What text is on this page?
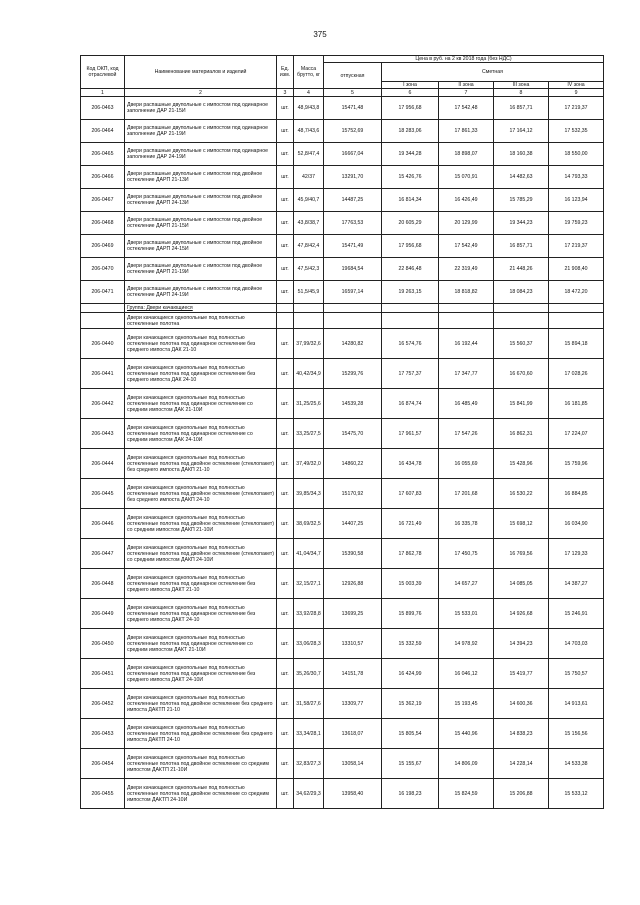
375
Код ОКП, код отраслевой	Наименование материалов и изделий	Ед. изм.	Масса брутто, кг	Цена в руб. на 2 кв 2018 года (без НДС)				
				отпускная	Сметная			
					I зона	II зона	III зона	IV зона
1	2	3	4	5	6	7	8	9
206-0463	Двери распашные двупольные с импостом под одинарное заполнение ДАР 21-15И	шт.	48,9/43,8	15471,48	17 956,68	17 542,48	16 857,71	17 219,37
206-0464	Двери распашные двупольные с импостом под одинарное заполнение ДАР 21-19И	шт.	48,7/43,6	15752,69	18 283,06	17 861,33	17 164,12	17 532,35
206-0465	Двери распашные двупольные с импостом под одинарное заполнение ДАР 24-19И	шт.	52,8/47,4	16667,04	19 344,28	18 898,07	18 160,38	18 550,00
206-0466	Двери распашные двупольные с импостом под двойное остекление ДАРП 21-13И	шт.	42/37	13291,70	15 426,76	15 070,91	14 482,63	14 793,33
206-0467	Двери распашные двупольные с импостом под двойное остекление ДАРП 24-13И	шт.	45,9/40,7	14487,25	16 814,34	16 426,49	15 785,29	16 123,94
206-0468	Двери распашные двупольные с импостом под двойное остекление ДАРП 21-15И	шт.	43,8/38,7	17763,53	20 605,29	20 129,99	19 344,23	19 759,23
206-0469	Двери распашные двупольные с импостом под двойное остекление ДАРП 24-15И	шт.	47,8/42,4	15471,49	17 956,68	17 542,49	16 857,71	17 219,37
206-0470	Двери распашные двупольные с импостом под двойное остекление ДАРП 21-19И	шт.	47,5/42,3	19684,54	22 846,48	22 319,49	21 448,26	21 908,40
206-0471	Двери распашные двупольные с импостом под двойное остекление ДАРП 24-19И	шт.	51,5/45,9	16597,14	19 263,15	18 818,82	18 084,23	18 472,20
	Группа: Двери качающиеся							
	Двери качающиеся однопольные под полностью остекленные полотна							
206-0440	Двери качающиеся однопольные под полностью остекленные полотна под одинарное остекление без среднего импоста ДАК 21-10	шт.	37,99/32,6	14280,82	16 574,76	16 192,44	15 560,37	15 894,18
206-0441	Двери качающиеся однопольные под полностью остекленные полотна под одинарное остекление без среднего импоста ДАК 24-10	шт.	40,42/34,9	15299,76	17 757,37	17 347,77	16 670,60	17 028,26
206-0442	Двери качающиеся однопольные под полностью остекленные полотна под одинарное остекление со средним импостом ДАК 21-10И	шт.	31,25/25,6	14539,28	16 874,74	16 485,49	15 841,99	16 181,85
206-0443	Двери качающиеся однопольные под полностью остекленные полотна под одинарное остекление со средним импостом ДАК 24-10И	шт.	33,25/27,5	15475,70	17 961,57	17 547,26	16 862,31	17 224,07
206-0444	Двери качающиеся однопольные под полностью остекленные полотна под двойное остекление (стеклопакет) без среднего импоста ДАКП 21-10	шт.	37,49/32,0	14860,22	16 434,78	16 055,69	15 428,96	15 759,96
206-0445	Двери качающиеся однопольные под полностью остекленные полотна под двойное остекление (стеклопакет) без среднего импоста ДАКП 24-10	шт.	39,85/34,3	15170,92	17 607,83	17 201,68	16 530,22	16 884,85
206-0446	Двери качающиеся однопольные под полностью остекленные полотна под двойное остекление (стеклопакет) со средним импостом ДАКП 21-10И	шт.	38,69/32,5	14407,25	16 721,49	16 335,78	15 698,12	16 034,90
206-0447	Двери качающиеся однопольные под полностью остекленные полотна под двойное остекление (стеклопакет) со средним импостом ДАКП 24-10И	шт.	41,04/34,7	15390,58	17 862,78	17 450,75	16 769,56	17 129,33
206-0448	Двери качающиеся однопольные под полностью остекленные полотна под одинарное остекление без среднего импоста ДАКТ 21-10	шт.	32,15/27,1	12926,88	15 003,39	14 657,27	14 085,05	14 387,27
206-0449	Двери качающиеся однопольные под полностью остекленные полотна под одинарное остекление без среднего импоста ДАКТ 24-10	шт.	33,92/28,8	13699,25	15 899,76	15 533,01	14 926,68	15 246,91
206-0450	Двери качающиеся однопольные под полностью остекленные полотна под одинарное остекление со средним импостом ДАКТ 21-10И	шт.	33,06/28,3	13310,57	15 332,59	14 978,92	14 394,23	14 703,03
206-0451	Двери качающиеся однопольные под полностью остекленные полотна под одинарное остекление без среднего импоста ДАКТ 24-10И	шт.	35,26/30,7	14151,78	16 424,99	16 046,12	15 419,77	15 750,57
206-0452	Двери качающиеся однопольные под полностью остекленные полотна под двойное остекление без среднего импоста ДАКТП 21-10	шт.	31,58/27,6	13309,77	15 362,19	15 193,45	14 600,36	14 913,61
206-0453	Двери качающиеся однопольные под полностью остекленные полотна под двойное остекление без среднего импоста ДАКТП 24-10	шт.	33,34/28,1	13618,07	15 805,54	15 440,96	14 838,23	15 156,56
206-0454	Двери качающиеся однопольные под полностью остекленные полотна под двойное остекление со средним импостом ДАКТП 21-10И	шт.	32,83/27,3	13058,14	15 155,67	14 806,09	14 228,14	14 533,38
206-0455	Двери качающиеся однопольные под полностью остекленные полотна под двойное остекление со средним импостом ДАКТП 24-10И	шт.	34,62/29,3	13958,40	16 198,23	15 824,59	15 206,88	15 533,12
